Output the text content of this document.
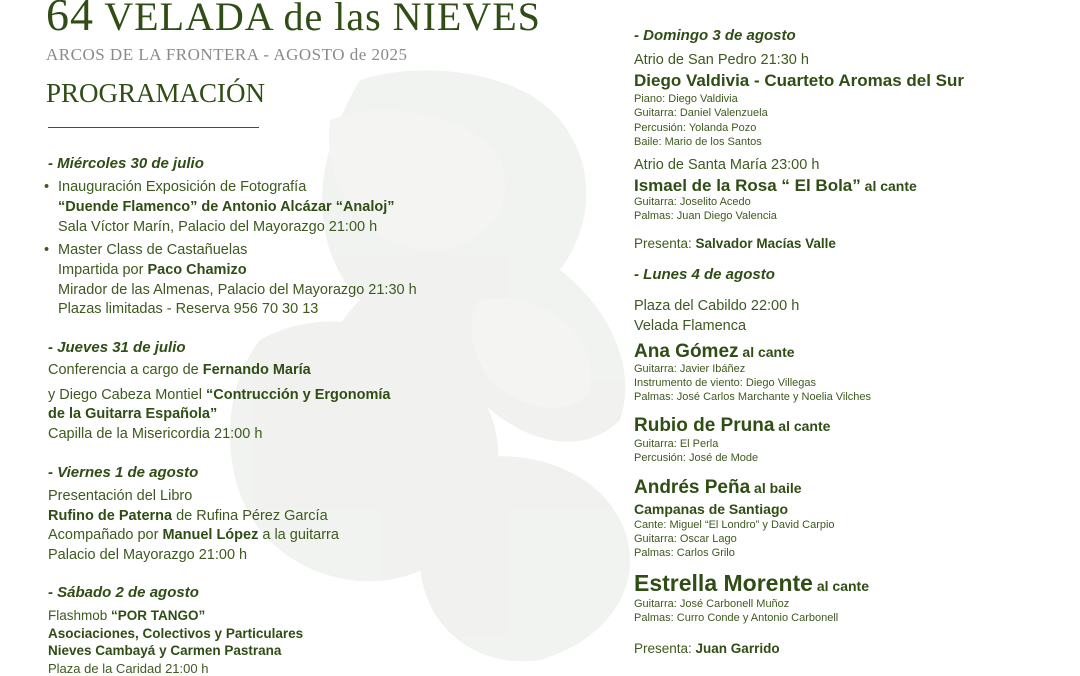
64 VELADA de las NIEVES
ARCOS DE LA FRONTERA - AGOSTO de 2025
PROGRAMACIÓN
- Miércoles 30 de julio
• Inauguración Exposición de Fotografía
“Duende Flamenco” de Antonio Alcázar “Analoj”
Sala Víctor Marín, Palacio del Mayorazgo 21:00 h
• Master Class de Castañuelas
Impartida por Paco Chamizo
Mirador de las Almenas, Palacio del Mayorazgo 21:30 h
Plazas limitadas - Reserva 956 70 30 13
- Jueves 31 de julio
Conferencia a cargo de Fernando María
y Diego Cabeza Montiel “Contrucción y Ergonomía
de la Guitarra Española”
Capilla de la Misericordia 21:00 h
- Viernes 1 de agosto
Presentación del Libro
Rufino de Paterna de Rufina Pérez García
Acompañado por Manuel López a la guitarra
Palacio del Mayorazgo 21:00 h
- Sábado 2 de agosto
Flashmob “POR TANGO”
Asociaciones, Colectivos y Particulares
Nieves Cambayá y Carmen Pastrana
Plaza de la Caridad 21:00 h
- Domingo 3 de agosto
Atrio de San Pedro 21:30 h
Diego Valdivia - Cuarteto Aromas del Sur
Piano: Diego Valdivia
Guitarra: Daniel Valenzuela
Percusión: Yolanda Pozo
Baile: Mario de los Santos
Atrio de Santa María 23:00 h
Ismael de la Rosa “ El Bola” al cante
Guitarra: Joselito Acedo
Palmas: Juan Diego Valencia
Presenta: Salvador Macías Valle
- Lunes 4 de agosto
Plaza del Cabildo 22:00 h
Velada Flamenca
Ana Gómez al cante
Guitarra: Javier Ibáñez
Instrumento de viento: Diego Villegas
Palmas: José Carlos Marchante y Noelia Vilches
Rubio de Pruna al cante
Guitarra: El Perla
Percusión: José de Mode
Andrés Peña al baile
Campanas de Santiago
Cante: Miguel “El Londro” y David Carpio
Guitarra: Oscar Lago
Palmas: Carlos Grilo
Estrella Morente al cante
Guitarra: José Carbonell Muñoz
Palmas: Curro Conde y Antonio Carbonell
Presenta: Juan Garrido
